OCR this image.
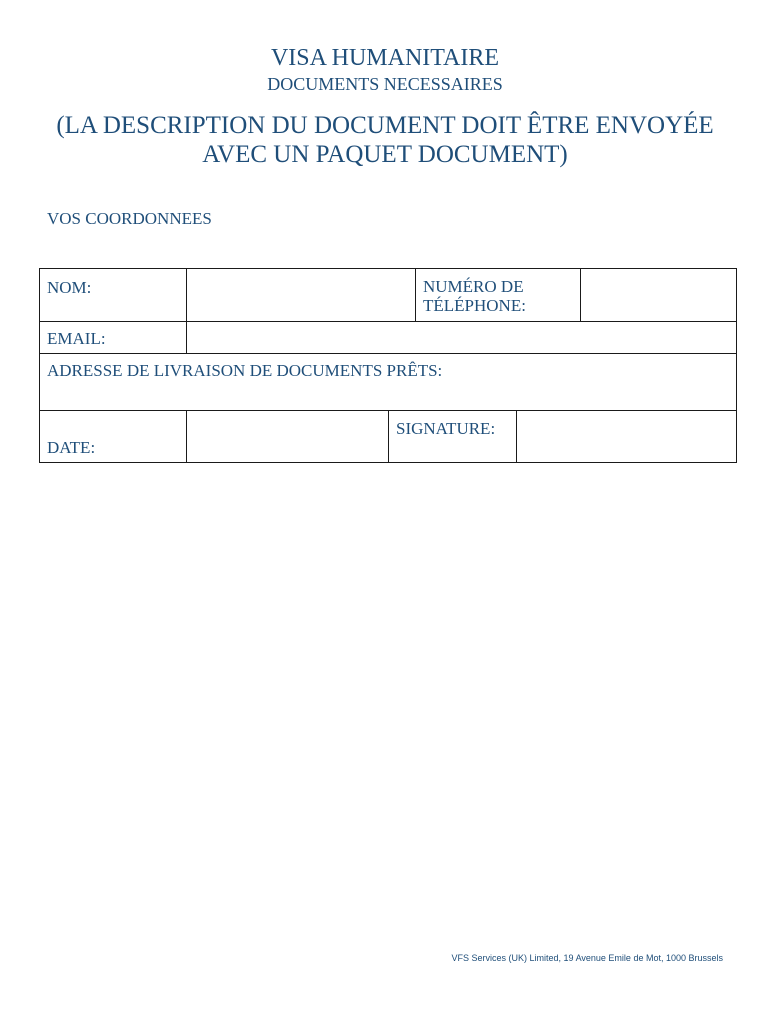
VISA HUMANITAIRE
DOCUMENTS NECESSAIRES
(LA DESCRIPTION DU DOCUMENT DOIT ÊTRE ENVOYÉE
AVEC UN PAQUET DOCUMENT)
VOS COORDONNEES
NOM:	NUMÉRO DE
TÉLÉPHONE:
EMAIL:
ADRESSE DE LIVRAISON DE DOCUMENTS PRÊTS:
DATE:
SIGNATURE:
VFS Services (UK) Limited, 19 Avenue Emile de Mot, 1000 Brussels
